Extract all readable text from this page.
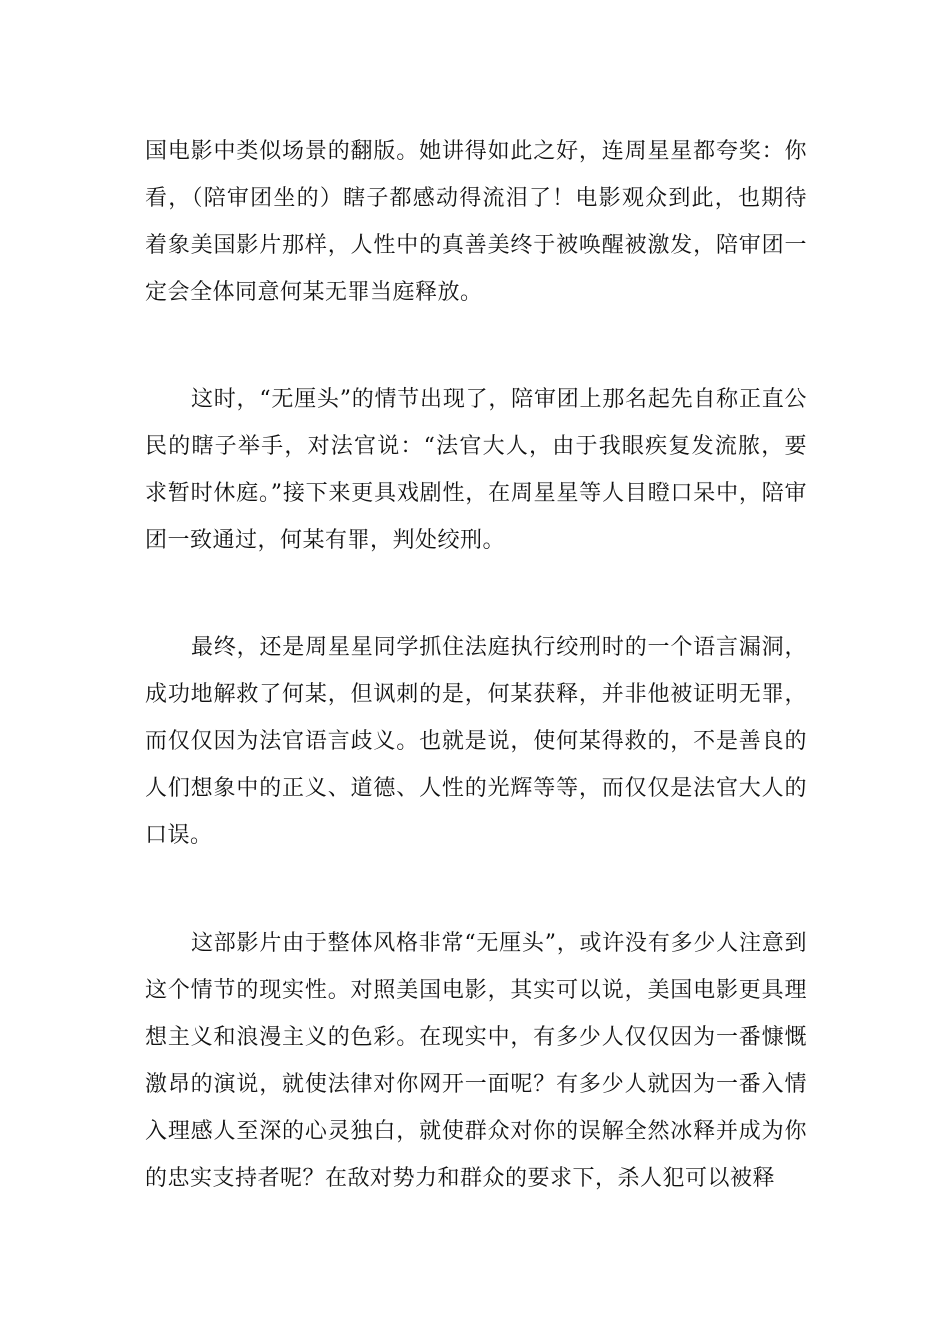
国电影中类似场景的翻版。她讲得如此之好，连周星星都夸奖：你看，（陪审团坐的）瞎子都感动得流泪了！电影观众到此，也期待着象美国影片那样，人性中的真善美终于被唤醒被激发，陪审团一定会全体同意何某无罪当庭释放。

这时，“无厘头”的情节出现了，陪审团上那名起先自称正直公民的瞎子举手，对法官说：“法官大人，由于我眼疾复发流脓，要求暂时休庭。”接下来更具戏剧性，在周星星等人目瞪口呆中，陪审团一致通过，何某有罪，判处绞刑。

最终，还是周星星同学抓住法庭执行绞刑时的一个语言漏洞，成功地解救了何某，但讽刺的是，何某获释，并非他被证明无罪，而仅仅因为法官语言歧义。也就是说，使何某得救的，不是善良的人们想象中的正义、道德、人性的光辉等等，而仅仅是法官大人的口误。

这部影片由于整体风格非常“无厘头”，或许没有多少人注意到这个情节的现实性。对照美国电影，其实可以说，美国电影更具理想主义和浪漫主义的色彩。在现实中，有多少人仅仅因为一番慷慨激昂的演说，就使法律对你网开一面呢？有多少人就因为一番入情入理感人至深的心灵独白，就使群众对你的误解全然冰释并成为你的忠实支持者呢？在敌对势力和群众的要求下，杀人犯可以被释
